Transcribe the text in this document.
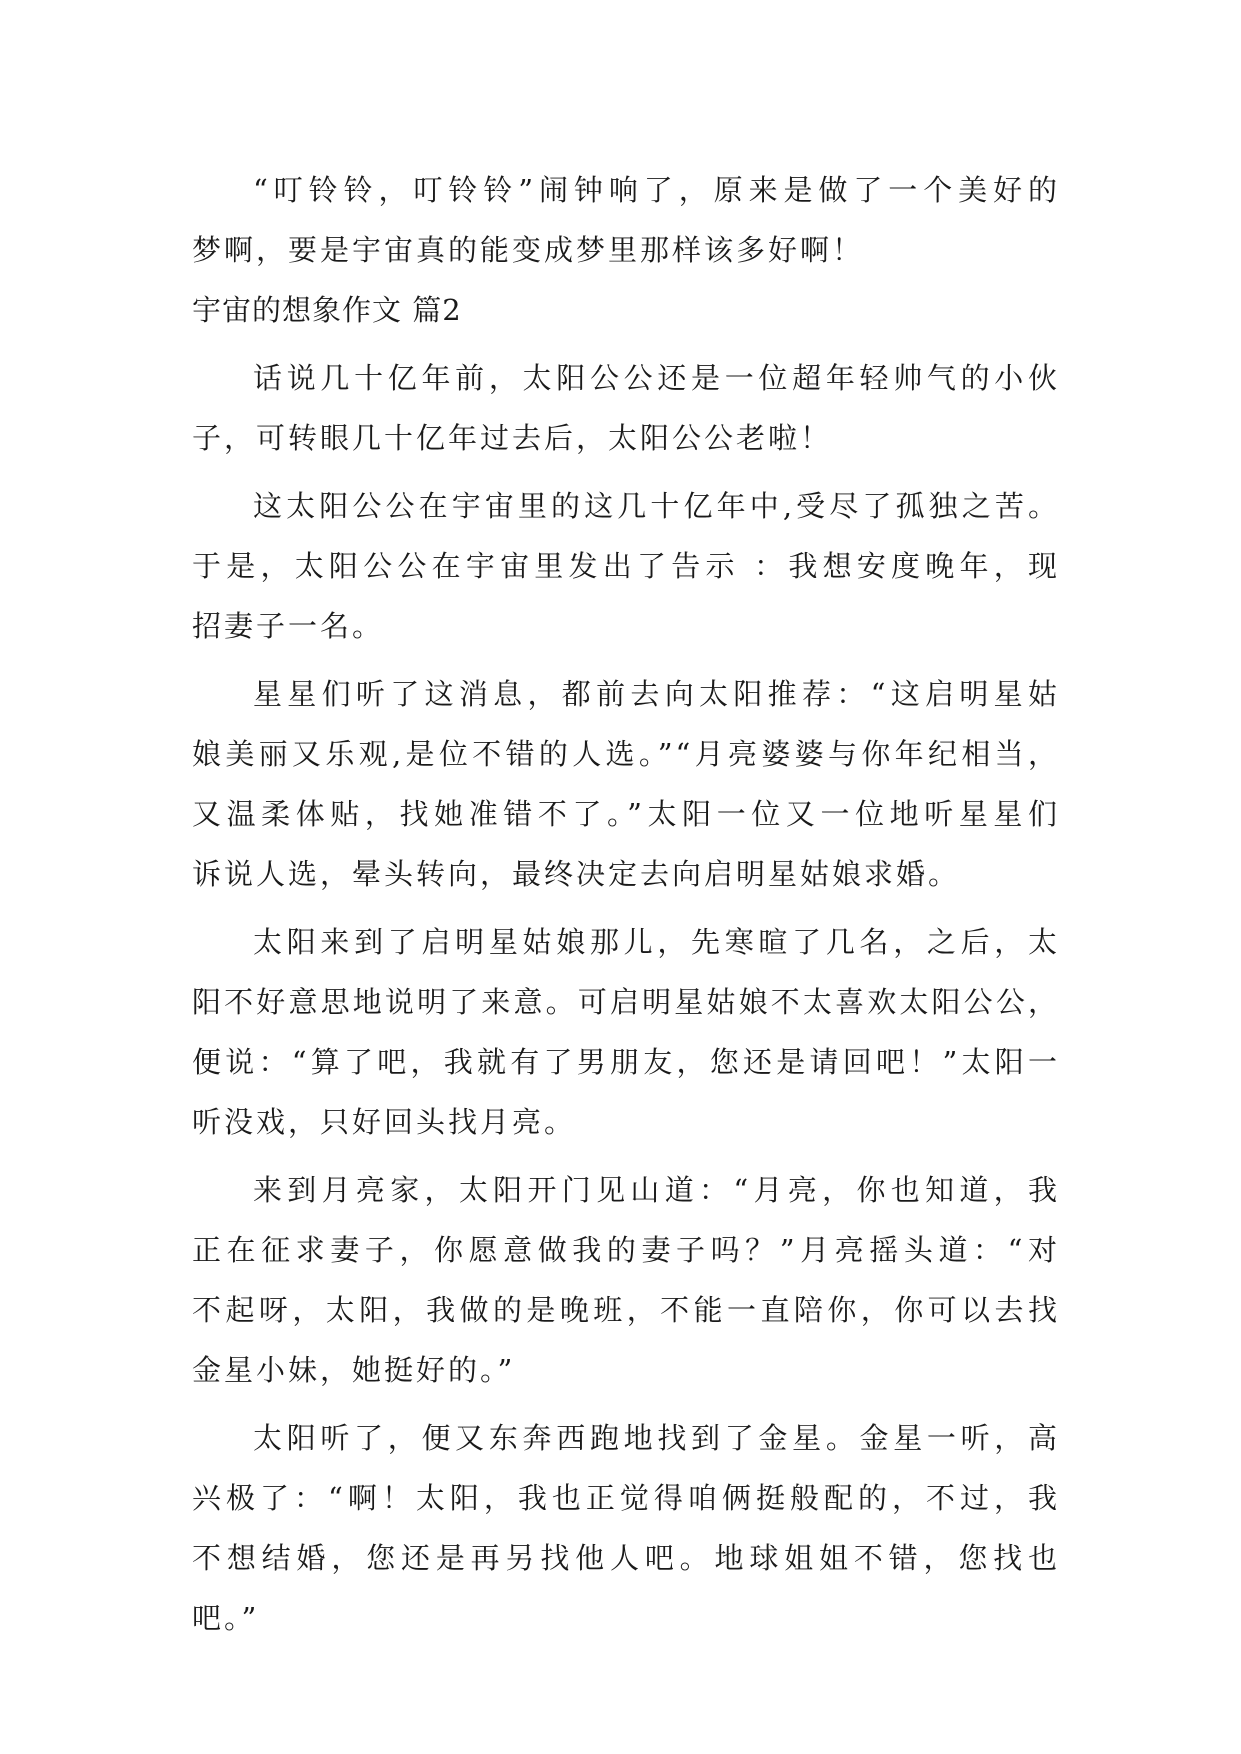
“叮铃铃，叮铃铃”闹钟响了，原来是做了一个美好的
梦啊，要是宇宙真的能变成梦里那样该多好啊！
宇宙的想象作文 篇2
话说几十亿年前，太阳公公还是一位超年轻帅气的小伙
子，可转眼几十亿年过去后，太阳公公老啦！
这太阳公公在宇宙里的这几十亿年中,受尽了孤独之苦。
于是，太阳公公在宇宙里发出了告示 ：我想安度晚年，现
招妻子一名。
星星们听了这消息，都前去向太阳推荐：“这启明星姑
娘美丽又乐观,是位不错的人选。”“月亮婆婆与你年纪相当，
又温柔体贴，找她准错不了。”太阳一位又一位地听星星们
诉说人选，晕头转向，最终决定去向启明星姑娘求婚。
太阳来到了启明星姑娘那儿，先寒暄了几名，之后，太
阳不好意思地说明了来意。可启明星姑娘不太喜欢太阳公公，
便说：“算了吧，我就有了男朋友，您还是请回吧！”太阳一
听没戏，只好回头找月亮。
来到月亮家，太阳开门见山道：“月亮，你也知道，我
正在征求妻子，你愿意做我的妻子吗？”月亮摇头道：“对
不起呀，太阳，我做的是晚班，不能一直陪你，你可以去找
金星小妹，她挺好的。”
太阳听了，便又东奔西跑地找到了金星。金星一听，高
兴极了：“啊！太阳，我也正觉得咱俩挺般配的，不过，我
不想结婚，您还是再另找他人吧。地球姐姐不错，您找也
吧。”
